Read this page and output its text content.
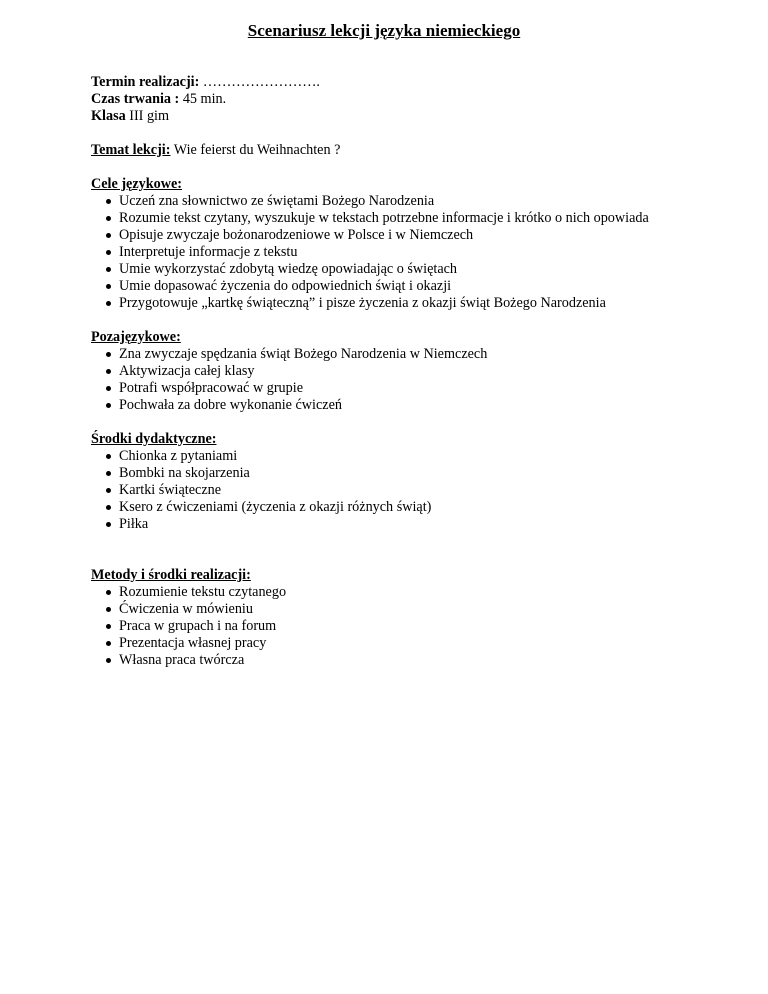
Scenariusz lekcji języka niemieckiego
Termin realizacji: …………………….
Czas trwania : 45 min.
Klasa III gim
Temat lekcji: Wie feierst du Weihnachten ?
Cele językowe:
Uczeń zna słownictwo ze świętami Bożego Narodzenia
Rozumie tekst czytany, wyszukuje w tekstach potrzebne informacje i krótko o nich opowiada
Opisuje zwyczaje bożonarodzeniowe w Polsce i w Niemczech
Interpretuje informacje z tekstu
Umie wykorzystać zdobytą wiedzę opowiadając o świętach
Umie dopasować życzenia do odpowiednich świąt i okazji
Przygotowuje „kartkę świąteczną” i pisze życzenia z okazji świąt Bożego Narodzenia
Pozajęzykowe:
Zna zwyczaje spędzania świąt Bożego Narodzenia w Niemczech
Aktywizacja całej klasy
Potrafi współpracować w grupie
Pochwała za dobre wykonanie ćwiczeń
Środki dydaktyczne:
Chionka z pytaniami
Bombki na skojarzenia
Kartki świąteczne
Ksero z ćwiczeniami (życzenia z okazji różnych świąt)
Piłka
Metody i środki realizacji:
Rozumienie tekstu czytanego
Ćwiczenia w mówieniu
Praca w grupach i na forum
Prezentacja własnej pracy
Własna praca twórcza
